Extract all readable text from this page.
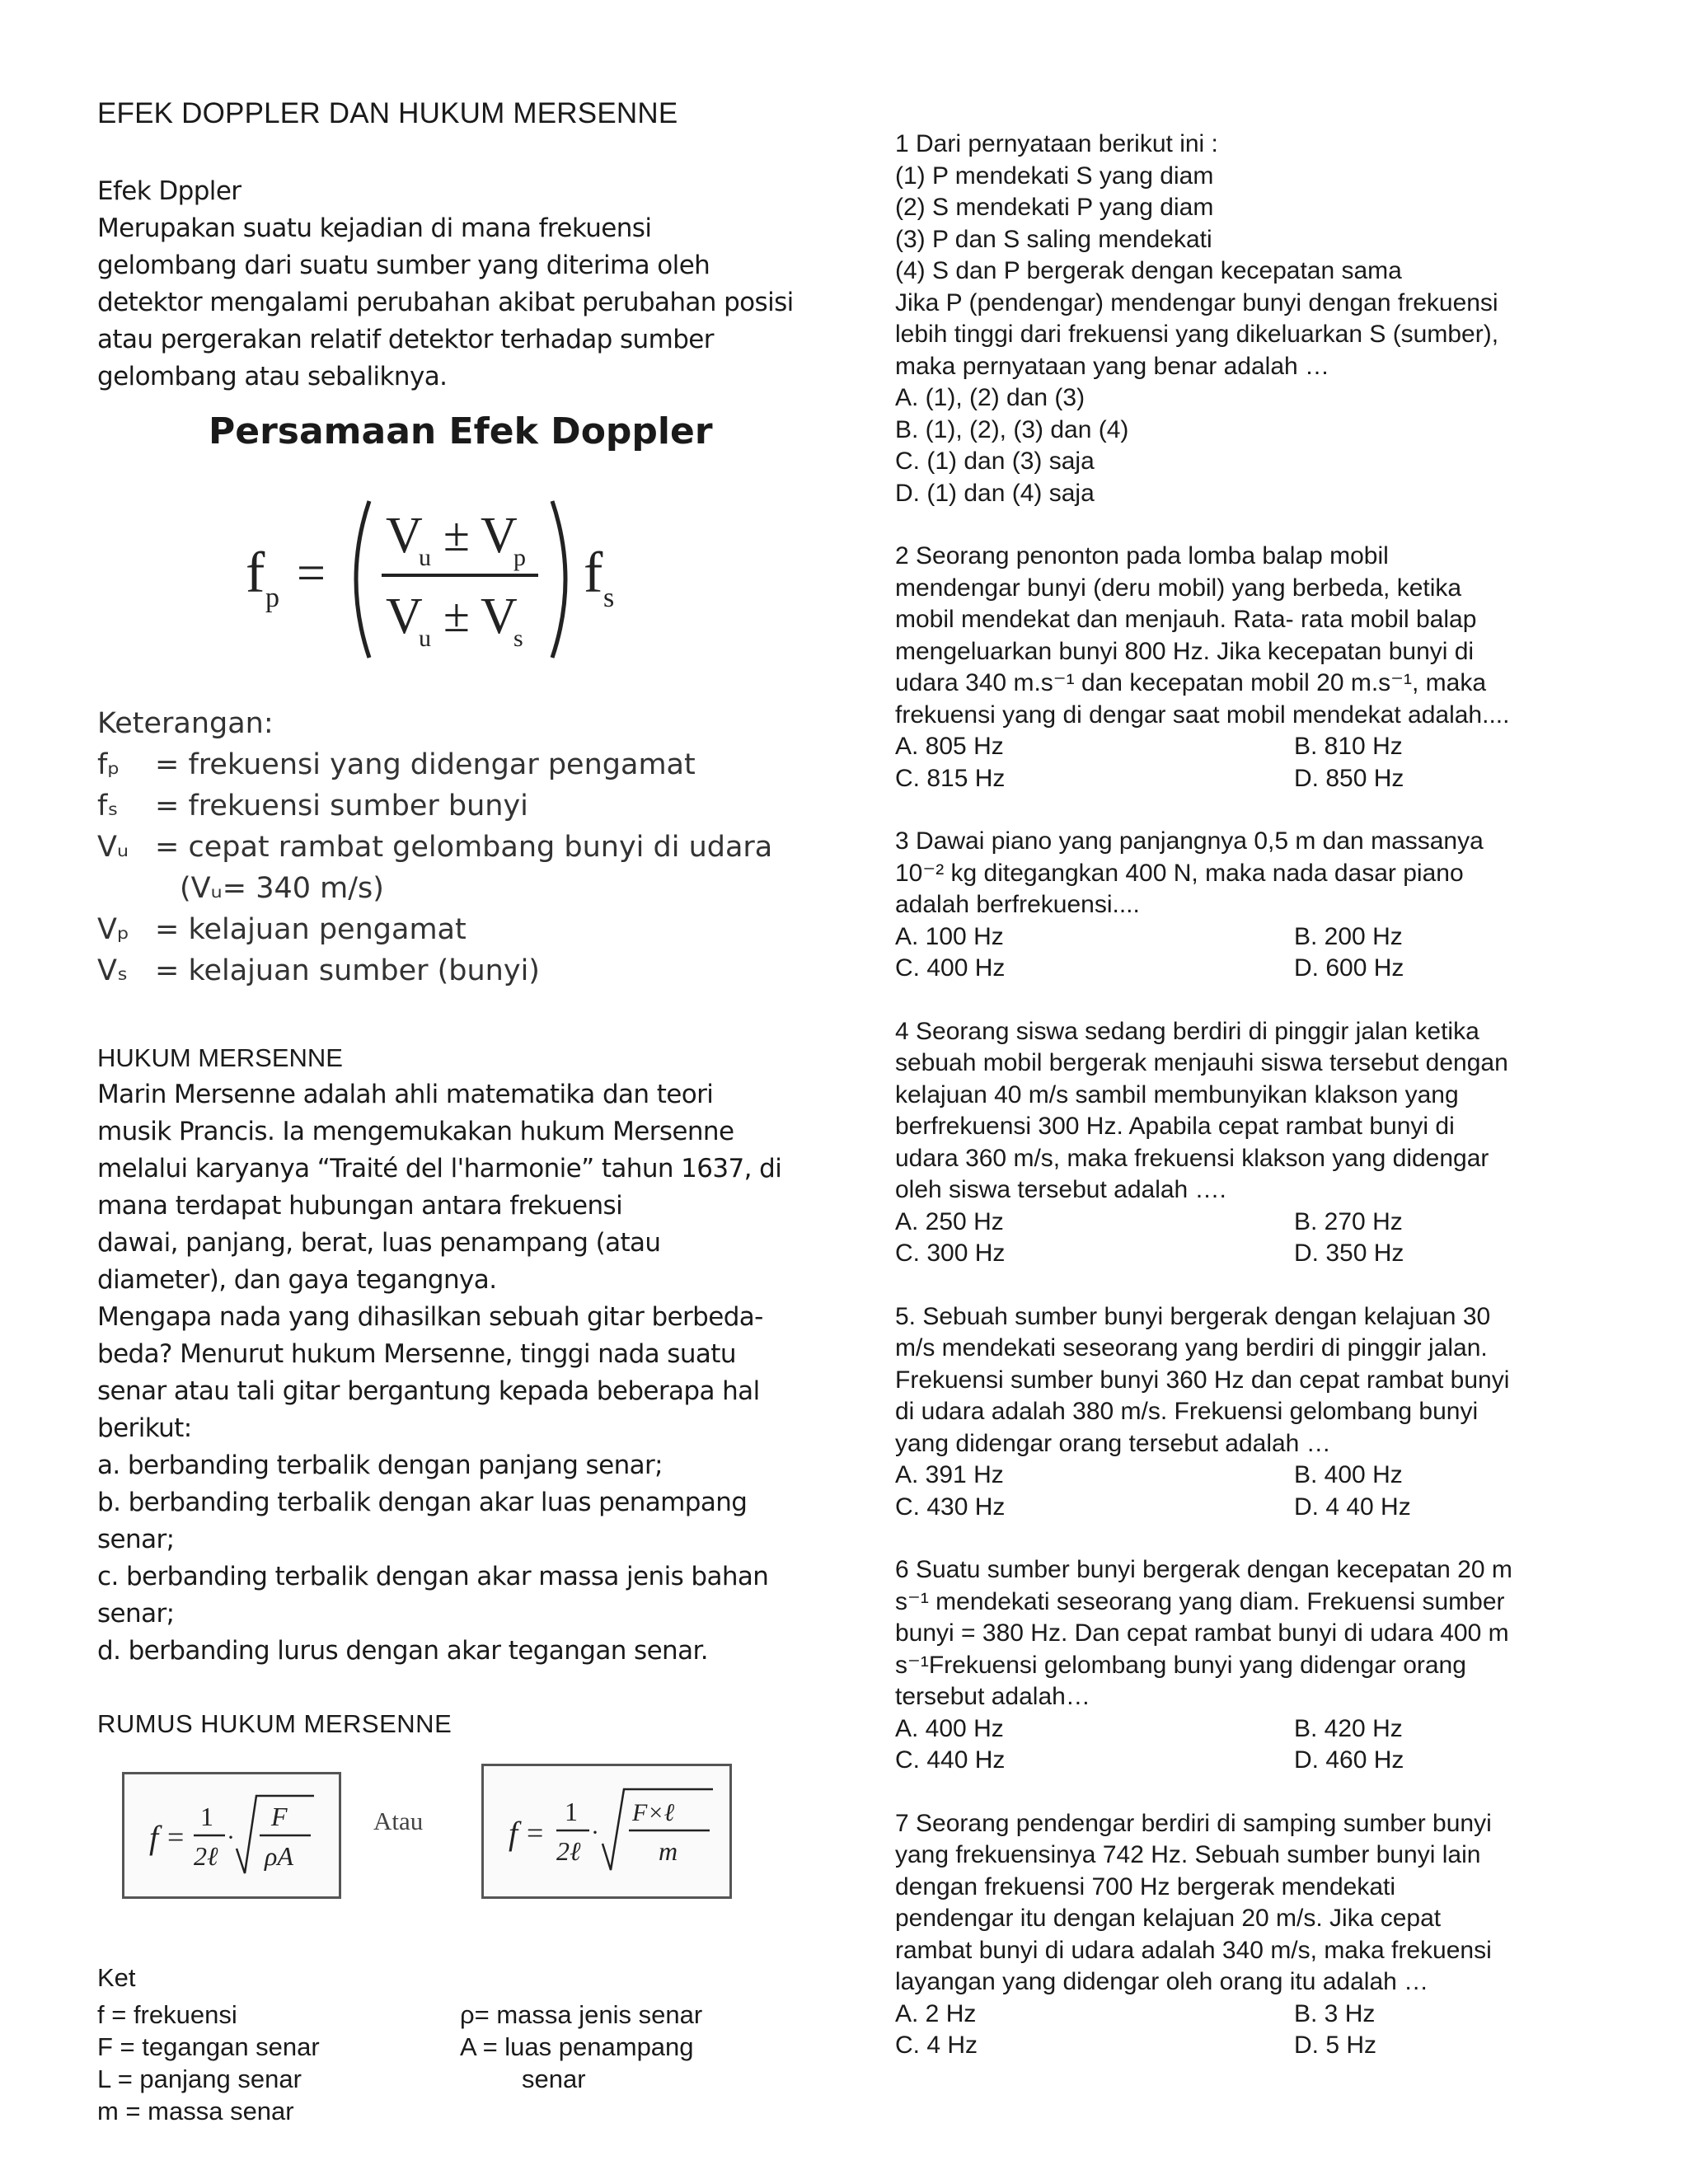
EFEK DOPPLER DAN HUKUM MERSENNE

Efek Dppler

Merupakan suatu kejadian di mana frekuensi

gelombang dari suatu sumber yang diterima oleh

detektor mengalami perubahan akibat perubahan posisi

atau pergerakan relatif detektor terhadap sumber

gelombang atau sebaliknya.

Persamaan Efek Doppler
f p =
V
u ± V
p
V
u ± V
s
f s
Keterangan:
fₚ	= frekuensi yang didengar pengamat
fₛ	= frekuensi sumber bunyi
Vᵤ = cepat rambat gelombang bunyi di udara
(Vᵤ= 340 m/s)
Vₚ = kelajuan pengamat
Vₛ = kelajuan sumber (bunyi)

HUKUM MERSENNE

Marin Mersenne adalah ahli matematika dan teori

musik Prancis. Ia mengemukakan hukum Mersenne

melalui karyanya “Traité del l'harmonie” tahun 1637, di

mana terdapat hubungan antara frekuensi

dawai, panjang, berat, luas penampang (atau

diameter), dan gaya tegangnya.

Mengapa nada yang dihasilkan sebuah gitar berbeda-

beda? Menurut hukum Mersenne, tinggi nada suatu

senar atau tali gitar bergantung kepada beberapa hal

berikut:

a. berbanding terbalik dengan panjang senar;

b. berbanding terbalik dengan akar luas penampang

senar;

c. berbanding terbalik dengan akar massa jenis bahan

senar;

d. berbanding lurus dengan akar tegangan senar.

RUMUS HUKUM MERSENNE
f =
1
2ℓ
·
F
ρA
Atau	f =
1
2ℓ
·
F×ℓ
m
Ket
f = frekuensi	ρ= massa jenis senar
F = tegangan senar	A = luas penampang
L = panjang senar	senar
m = massa senar

1 Dari pernyataan berikut ini :

(1) P mendekati S yang diam

(2) S mendekati P yang diam

(3) P dan S saling mendekati

(4) S dan P bergerak dengan kecepatan sama

Jika P (pendengar) mendengar bunyi dengan frekuensi

lebih tinggi dari frekuensi yang dikeluarkan S (sumber),

maka pernyataan yang benar adalah …

A. (1), (2) dan (3)

B. (1), (2), (3) dan (4)

C. (1) dan (3) saja

D. (1) dan (4) saja

2 Seorang penonton pada lomba balap mobil

mendengar bunyi (deru mobil) yang berbeda, ketika

mobil mendekat dan menjauh. Rata- rata mobil balap

mengeluarkan bunyi 800 Hz. Jika kecepatan bunyi di

udara 340 m.s⁻¹ dan kecepatan mobil 20 m.s⁻¹, maka

frekuensi yang di dengar saat mobil mendekat adalah....

A. 805 Hz	B. 810 Hz
C. 815 Hz	D. 850 Hz

3 Dawai piano yang panjangnya 0,5 m dan massanya

10⁻² kg ditegangkan 400 N, maka nada dasar piano

adalah berfrekuensi....

A. 100 Hz	B. 200 Hz
C. 400 Hz	D. 600 Hz

4 Seorang siswa sedang berdiri di pinggir jalan ketika

sebuah mobil bergerak menjauhi siswa tersebut dengan

kelajuan 40 m/s sambil membunyikan klakson yang

berfrekuensi 300 Hz. Apabila cepat rambat bunyi di

udara 360 m/s, maka frekuensi klakson yang didengar

oleh siswa tersebut adalah ….

A. 250 Hz	B. 270 Hz
C. 300 Hz	D. 350 Hz

5. Sebuah sumber bunyi bergerak dengan kelajuan 30

m/s mendekati seseorang yang berdiri di pinggir jalan.

Frekuensi sumber bunyi 360 Hz dan cepat rambat bunyi

di udara adalah 380 m/s. Frekuensi gelombang bunyi

yang didengar orang tersebut adalah …

A. 391 Hz	B. 400 Hz
C. 430 Hz	D. 4 40 Hz

6 Suatu sumber bunyi bergerak dengan kecepatan 20 m

s⁻¹ mendekati seseorang yang diam. Frekuensi sumber

bunyi = 380 Hz. Dan cepat rambat bunyi di udara 400 m

s⁻¹Frekuensi gelombang bunyi yang didengar orang

tersebut adalah…

A. 400 Hz	B. 420 Hz
C. 440 Hz	D. 460 Hz

7 Seorang pendengar berdiri di samping sumber bunyi

yang frekuensinya 742 Hz. Sebuah sumber bunyi lain

dengan frekuensi 700 Hz bergerak mendekati

pendengar itu dengan kelajuan 20 m/s. Jika cepat

rambat bunyi di udara adalah 340 m/s, maka frekuensi

layangan yang didengar oleh orang itu adalah …

A. 2 Hz	B. 3 Hz
C. 4 Hz	D. 5 Hz
